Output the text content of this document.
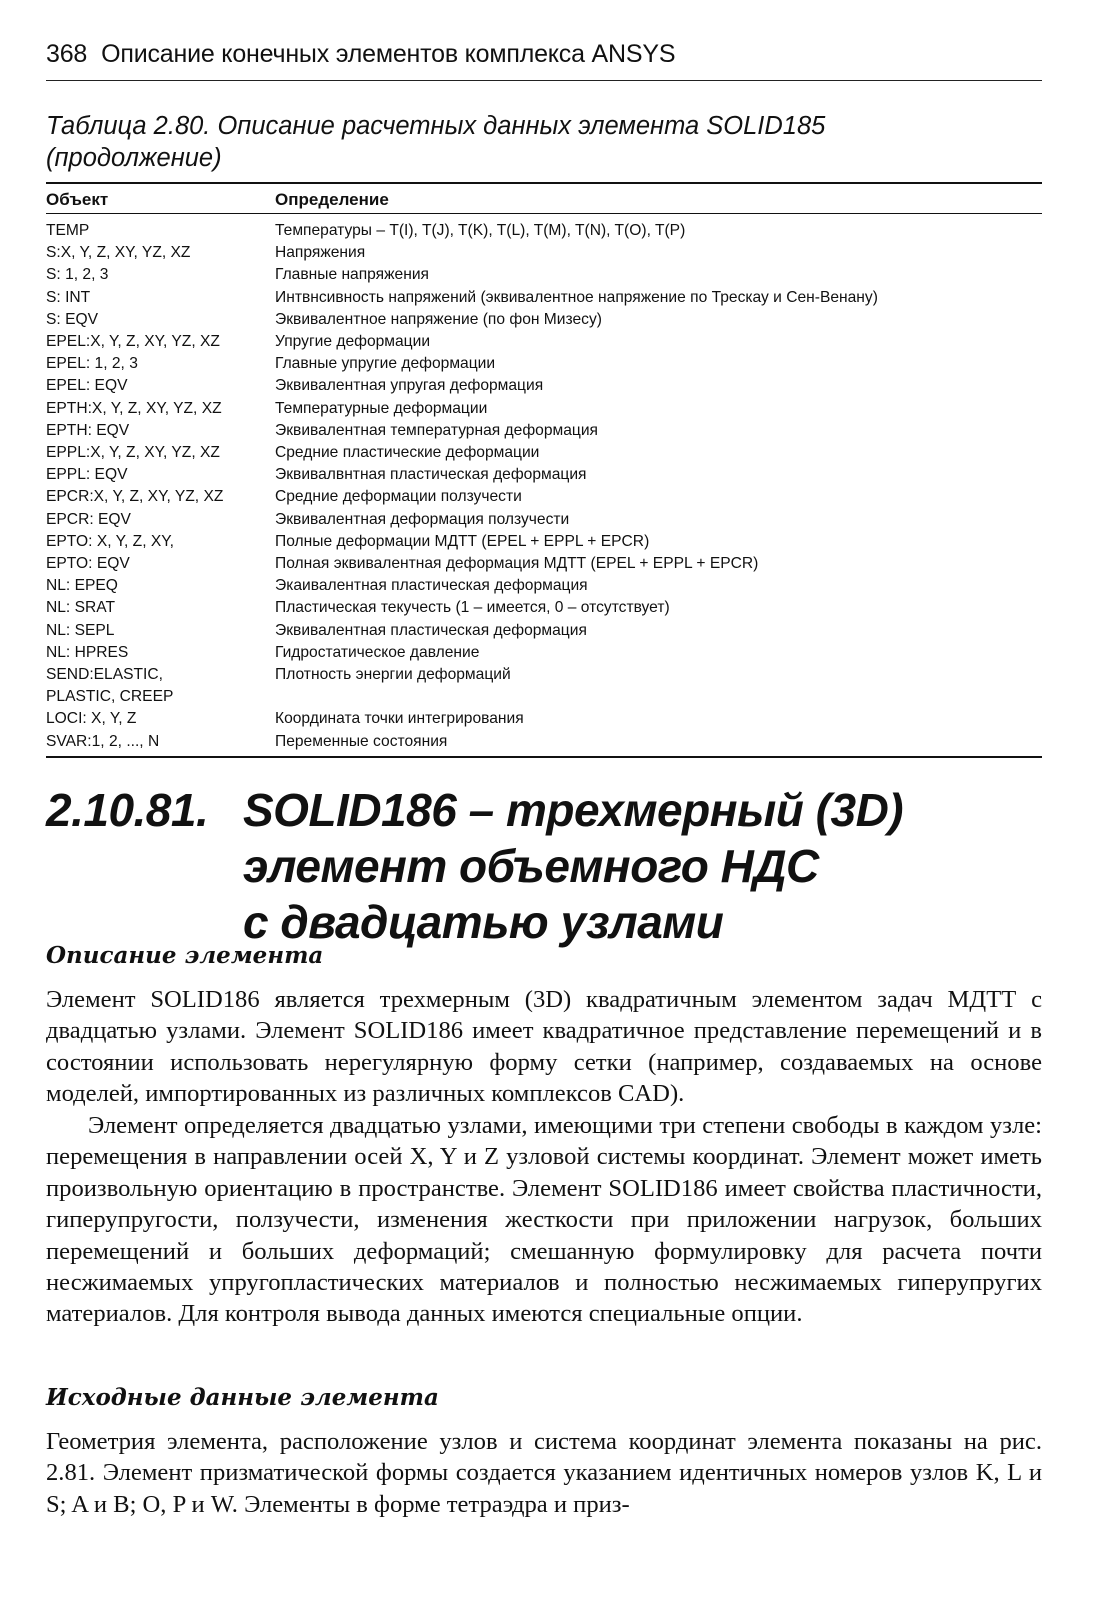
368 Описание конечных элементов комплекса ANSYS
Таблица 2.80. Описание расчетных данных элемента SOLID185
(продолжение)
Объект	Определение
TEMP	Температуры – T(I), T(J), T(K), T(L), T(M), T(N), T(O), T(P)
S:X, Y, Z, XY, YZ, XZ	Напряжения
S: 1, 2, 3	Главные напряжения
S: INT	Интвнсивность напряжений (эквивалентное напряжение по Треcкау и Сен-Венану)
S: EQV	Эквивалентное напряжение (по фон Мизесу)
EPEL:X, Y, Z, XY, YZ, XZ	Упругие деформации
EPEL: 1, 2, 3	Главные упругие деформации
EPEL: EQV	Эквивалентная упругая деформация
EPTH:X, Y, Z, XY, YZ, XZ	Температурные деформации
EPTH: EQV	Эквивалентная температурная деформация
EPPL:X, Y, Z, XY, YZ, XZ	Средние пластические деформации
EPPL: EQV	Эквивалвнтная пластическая деформация
EPCR:X, Y, Z, XY, YZ, XZ	Средние деформации ползучести
EPCR: EQV	Эквивалентная деформация ползучести
EPTO: X, Y, Z, XY,	Полные деформации МДТТ (EPEL + EPPL + EPCR)
EPTO: EQV	Полная эквивалентная деформация МДТТ (EPEL + EPPL + EPCR)
NL: EPEQ	Экаивалентная пластическая деформация
NL: SRAT	Пластическая текучесть (1 – имеется, 0 – отсутствует)
NL: SEPL	Эквивалентная пластическая деформация
NL: HPRES	Гидростатическое давление
SEND:ELASTIC,	Плотность энергии деформаций
PLASTIC, CREEP
LOCI: X, Y, Z	Координата точки интегрирования
SVAR:1, 2, ..., N	Переменные состояния
2.10.81. SOLID186 – трехмерный (3D)
элемент объемного НДС
с двадцатью узлами
Описание элемента

Элемент SOLID186 является трехмерным (3D) квадратичным элементом задач МДТТ с двадцатью узлами. Элемент SOLID186 имеет квадратичное представление перемещений и в состоянии использовать нерегулярную форму сетки (например, создаваемых на основе моделей, импортированных из различных комплексов CAD).

Элемент определяется двадцатью узлами, имеющими три степени свободы в каждом узле: перемещения в направлении осей X, Y и Z узловой системы координат. Элемент может иметь произвольную ориентацию в пространстве. Элемент SOLID186 имеет свойства пластичности, гиперупругости, ползучести, изменения жесткости при приложении нагрузок, больших перемещений и больших деформаций; смешанную формулировку для расчета почти несжимаемых упругопластических материалов и полностью несжимаемых гиперупругих материалов. Для контроля вывода данных имеются специальные опции.

Исходные данные элемента

Геометрия элемента, расположение узлов и система координат элемента показаны на рис. 2.81. Элемент призматической формы создается указанием идентичных номеров узлов K, L и S; A и B; O, P и W. Элементы в форме тетраэдра и приз-
